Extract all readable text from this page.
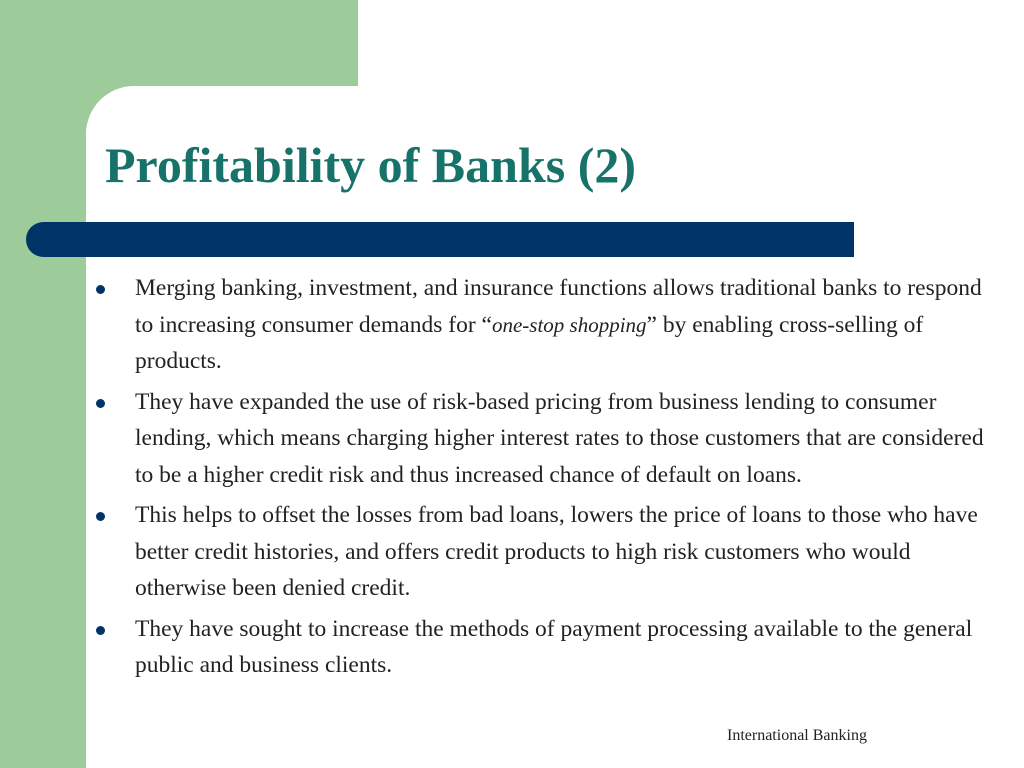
Profitability of Banks (2)
Merging banking, investment, and insurance functions allows traditional banks to respond to increasing consumer demands for “one-stop shopping” by enabling cross-selling of products.
They have expanded the use of risk-based pricing from business lending to consumer lending, which means charging higher interest rates to those customers that are considered to be a higher credit risk and thus increased chance of default on loans.
This helps to offset the losses from bad loans, lowers the price of loans to those who have better credit histories, and offers credit products to high risk customers who would otherwise been denied credit.
They have sought to increase the methods of payment processing available to the general public and business clients.
International Banking
